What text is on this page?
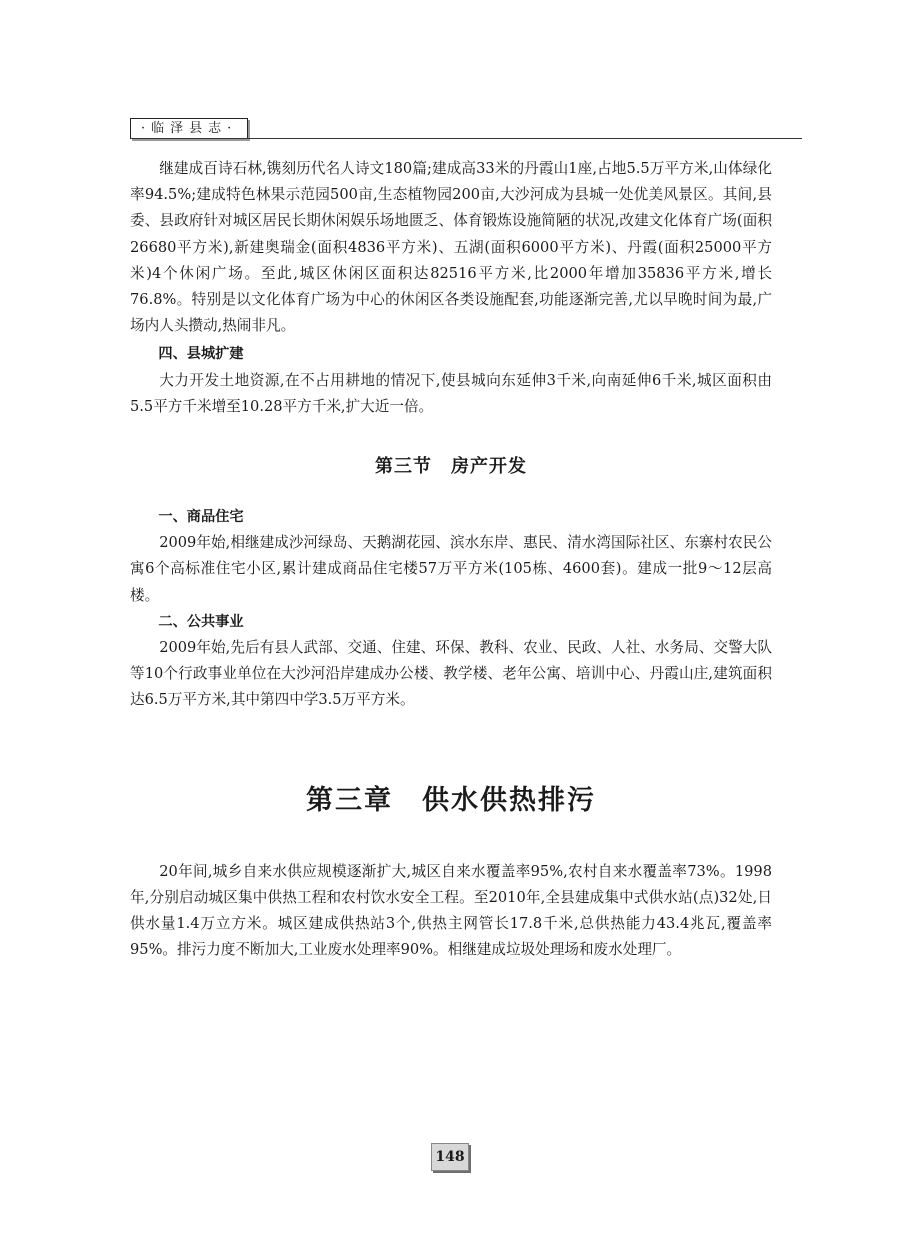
·临泽县志·

继建成百诗石林,镌刻历代名人诗文180篇;建成高33米的丹霞山1座,占地5.5万平方米,山体绿化率94.5%;建成特色林果示范园500亩,生态植物园200亩,大沙河成为县城一处优美风景区。其间,县委、县政府针对城区居民长期休闲娱乐场地匮乏、体育锻炼设施简陋的状况,改建文化体育广场(面积26680平方米),新建奥瑞金(面积4836平方米)、五湖(面积6000平方米)、丹霞(面积25000平方米)4个休闲广场。至此,城区休闲区面积达82516平方米,比2000年增加35836平方米,增长76.8%。特别是以文化体育广场为中心的休闲区各类设施配套,功能逐渐完善,尤以早晚时间为最,广场内人头攒动,热闹非凡。

四、县城扩建

大力开发土地资源,在不占用耕地的情况下,使县城向东延伸3千米,向南延伸6千米,城区面积由5.5平方千米增至10.28平方千米,扩大近一倍。

第三节　房产开发
一、商品住宅

2009年始,相继建成沙河绿岛、天鹅湖花园、滨水东岸、惠民、清水湾国际社区、东寨村农民公寓6个高标准住宅小区,累计建成商品住宅楼57万平方米(105栋、4600套)。建成一批9～12层高楼。

二、公共事业

2009年始,先后有县人武部、交通、住建、环保、教科、农业、民政、人社、水务局、交警大队等10个行政事业单位在大沙河沿岸建成办公楼、教学楼、老年公寓、培训中心、丹霞山庄,建筑面积达6.5万平方米,其中第四中学3.5万平方米。

第三章　供水供热排污

20年间,城乡自来水供应规模逐渐扩大,城区自来水覆盖率95%,农村自来水覆盖率73%。1998年,分别启动城区集中供热工程和农村饮水安全工程。至2010年,全县建成集中式供水站(点)32处,日供水量1.4万立方米。城区建成供热站3个,供热主网管长17.8千米,总供热能力43.4兆瓦,覆盖率95%。排污力度不断加大,工业废水处理率90%。相继建成垃圾处理场和废水处理厂。

148
